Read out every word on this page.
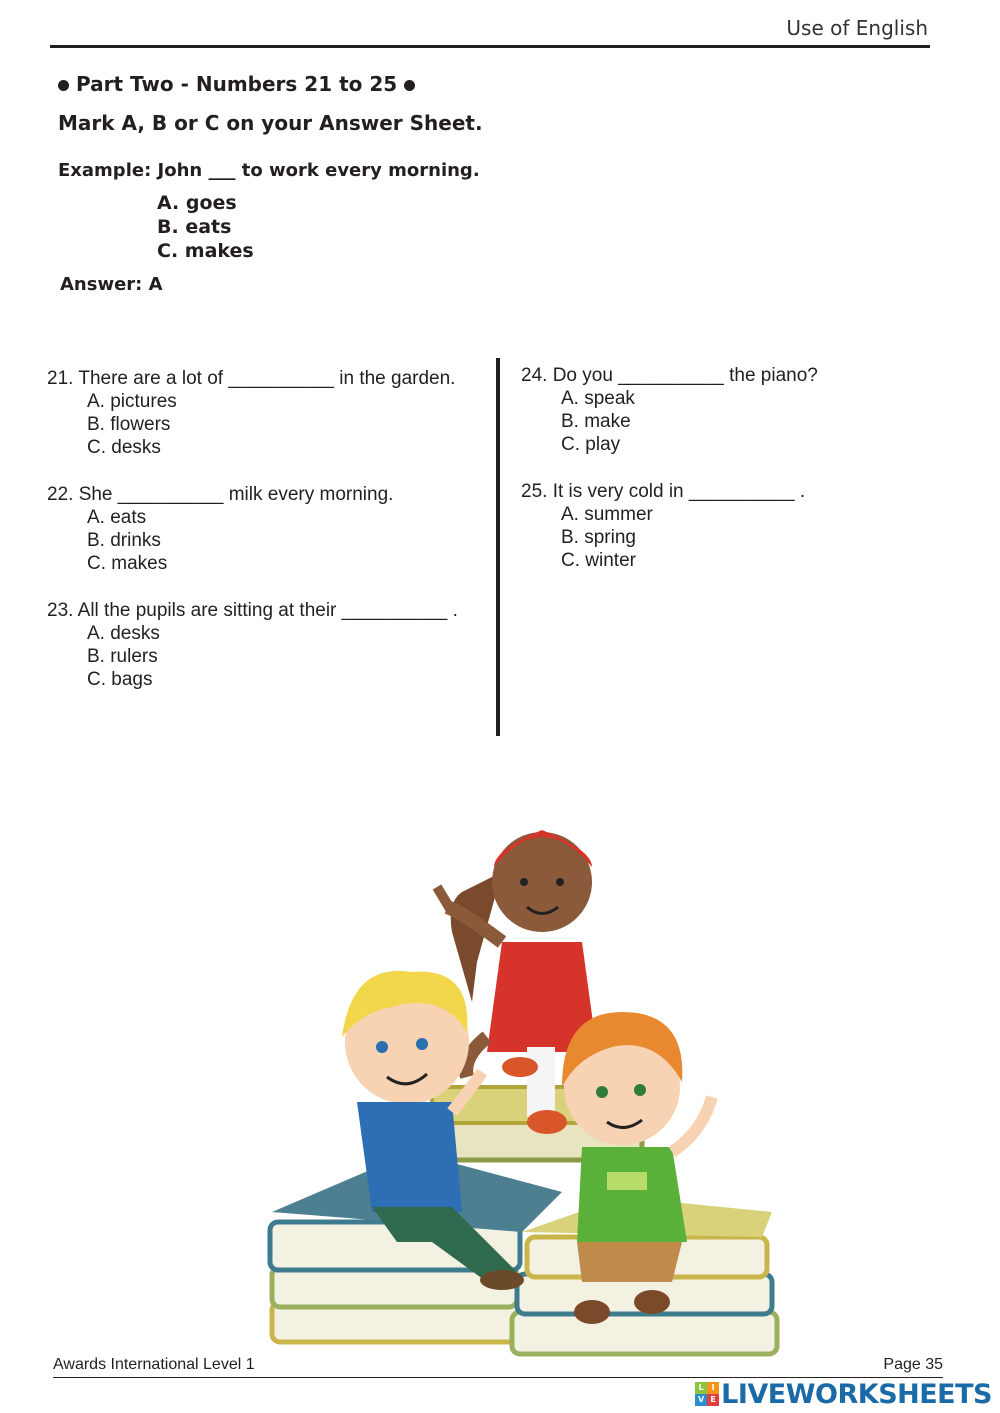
Use of English
Part Two - Numbers 21 to 25
Mark A, B or C on your Answer Sheet.
Example: John ___ to work every morning.
A. goes
B. eats
C. makes
Answer: A
21. There are a lot of __________ in the garden.
A. pictures
B. flowers
C. desks
22. She __________ milk every morning.
A. eats
B. drinks
C. makes
23. All the pupils are sitting at their __________ .
A. desks
B. rulers
C. bags
24. Do you __________ the piano?
A. speak
B. make
C. play
25. It is very cold in __________ .
A. summer
B. spring
C. winter
Awards International Level 1	Page 35
L I
V E LIVEWORKSHEETS
